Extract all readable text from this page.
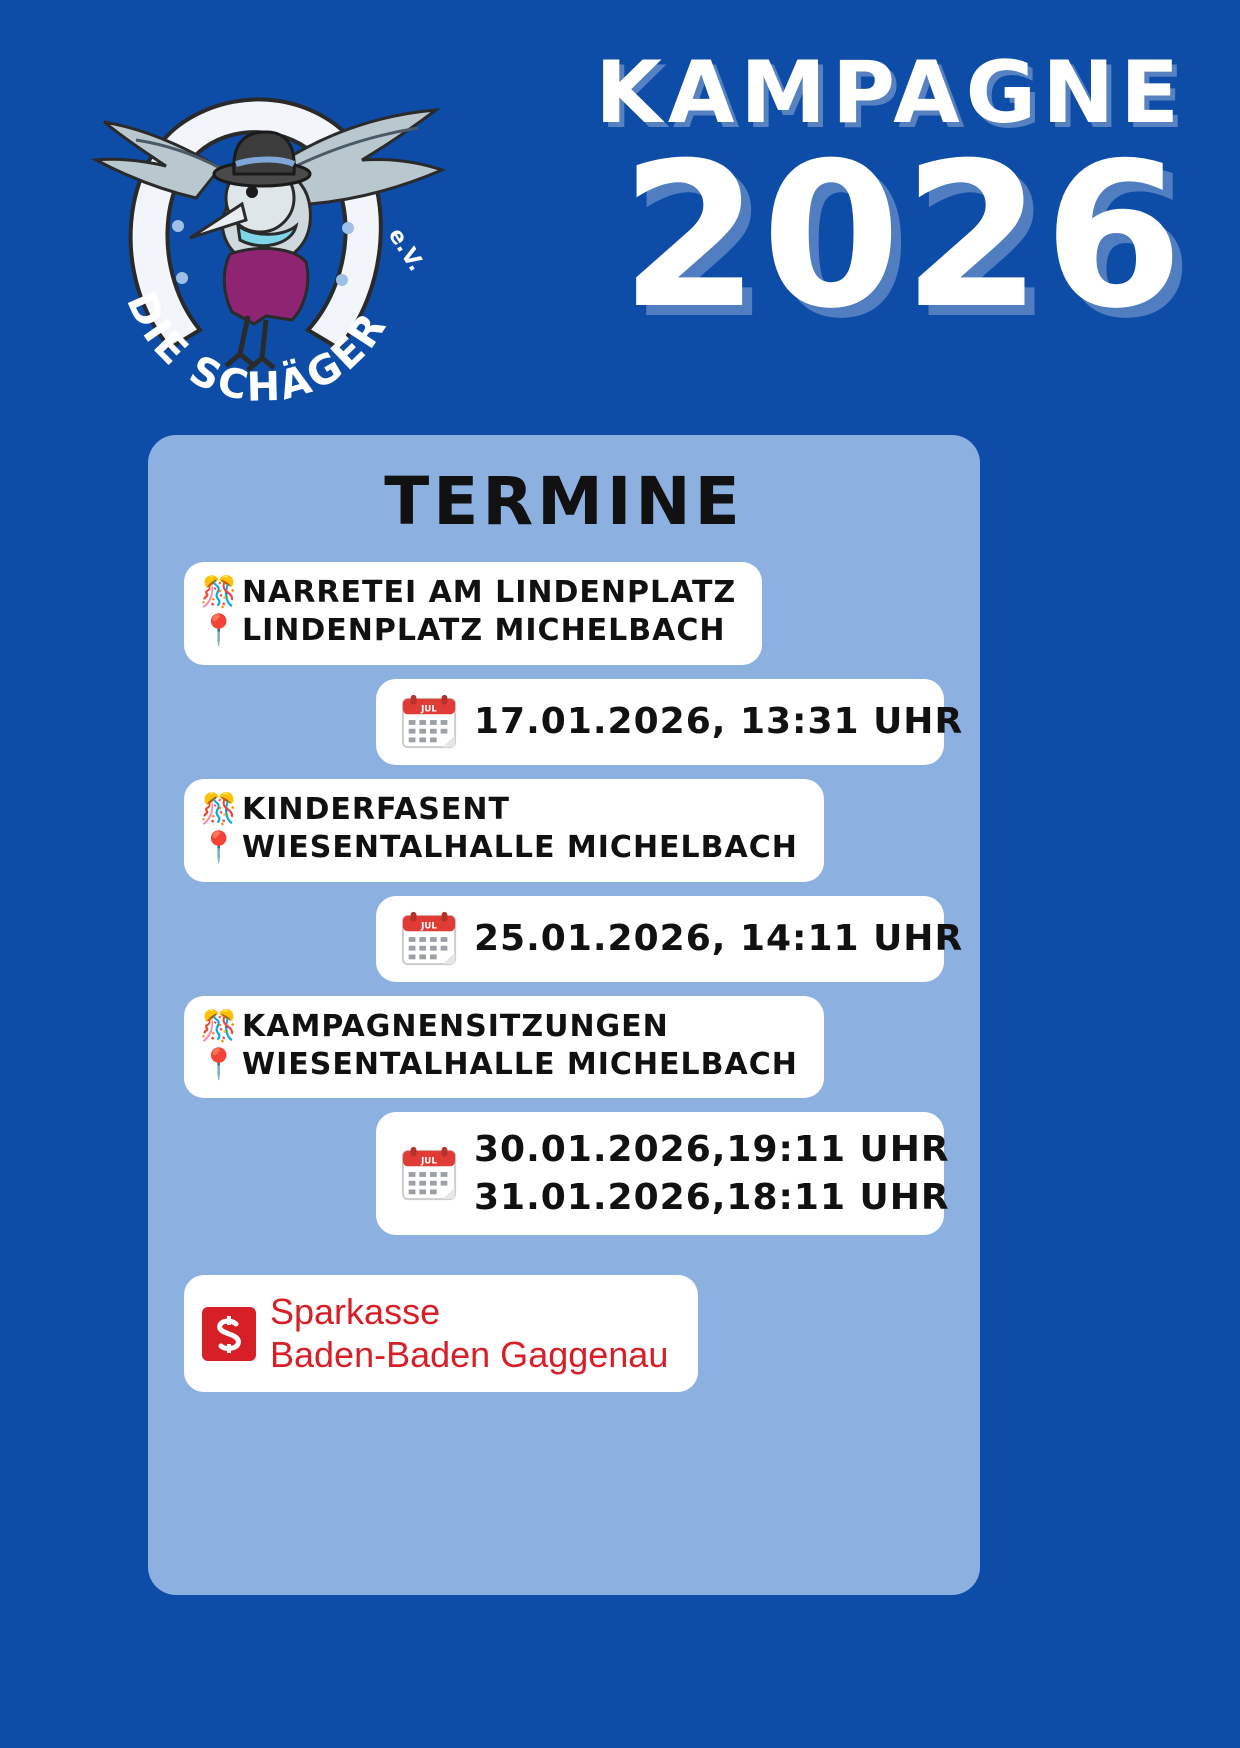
DIE SCHÄGER
e.V.
KAMPAGNE
2026
TERMINE
🎊 NARRETEI AM LINDENPLATZ
📍 LINDENPLATZ MICHELBACH
JUL 17.01.2026, 13:31 UHR
🎊 KINDERFASENT
📍 WIESENTALHALLE MICHELBACH
JUL 25.01.2026, 14:11 UHR
🎊 KAMPAGNENSITZUNGEN
📍 WIESENTALHALLE MICHELBACH
JUL 30.01.2026,19:11 UHR
31.01.2026,18:11 UHR
Sparkasse
Baden-Baden Gaggenau
